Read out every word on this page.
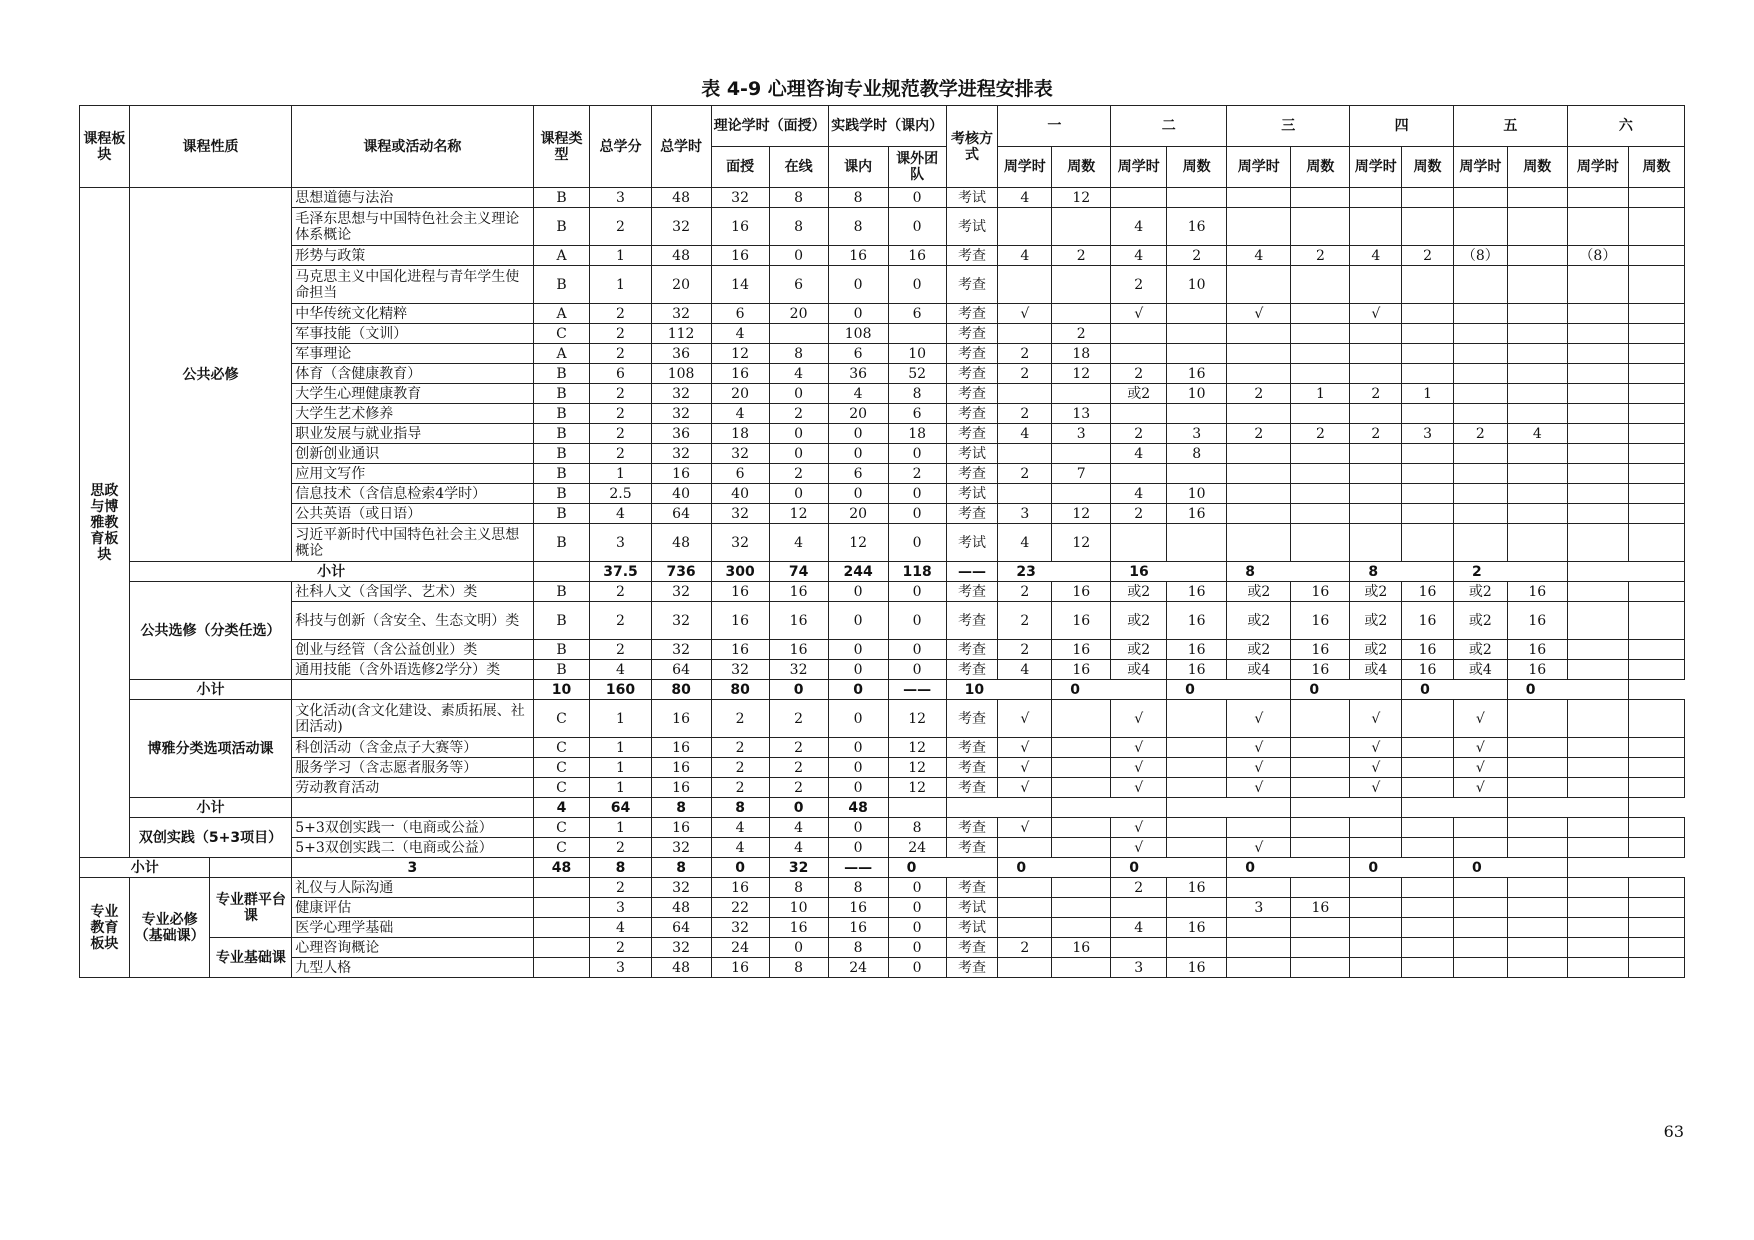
表 4-9 心理咨询专业规范教学进程安排表
课程板块	课程性质		课程或活动名称	课程类型	总学分	总学时	理论学时（面授）		实践学时（课内）		考核方式	一		二		三		四		五		六	
							面授	在线	课内	课外团队		周学时	周数	周学时	周数	周学时	周数	周学时	周数	周学时	周数	周学时	周数
思政与博雅教育板块	公共必修		思想道德与法治	B	3	48	32	8	8	0	考试	4	12										
			毛泽东思想与中国特色社会主义理论体系概论	B	2	32	16	8	8	0	考试			4	16								
			形势与政策	A	1	48	16	0	16	16	考查	4	2	4	2	4	2	4	2	（8）		（8）	
			马克思主义中国化进程与青年学生使命担当	B	1	20	14	6	0	0	考查			2	10								
			中华传统文化精粹	A	2	32	6	20	0	6	考查	√		√		√		√					
			军事技能（文训）	C	2	112	4		108		考查		2										
			军事理论	A	2	36	12	8	6	10	考查	2	18										
			体育（含健康教育）	B	6	108	16	4	36	52	考查	2	12	2	16								
			大学生心理健康教育	B	2	32	20	0	4	8	考查			或2	10	2	1	2	1				
			大学生艺术修养	B	2	32	4	2	20	6	考查	2	13										
			职业发展与就业指导	B	2	36	18	0	0	18	考查	4	3	2	3	2	2	2	3	2	4		
			创新创业通识	B	2	32	32	0	0	0	考试			4	8								
			应用文写作	B	1	16	6	2	6	2	考查	2	7										
			信息技术（含信息检索4学时）	B	2.5	40	40	0	0	0	考试			4	10								
			公共英语（或日语）	B	4	64	32	12	20	0	考查	3	12	2	16								
			习近平新时代中国特色社会主义思想概论	B	3	48	32	4	12	0	考试	4	12										
	小计				37.5	736	300	74	244	118	——	23		16		8		8		2			
	公共选修（分类任选）		社科人文（含国学、艺术）类	B	2	32	16	16	0	0	考查	2	16	或2	16	或2	16	或2	16	或2	16		
			科技与创新（含安全、生态文明）类	B	2	32	16	16	0	0	考查	2	16	或2	16	或2	16	或2	16	或2	16		
			创业与经管（含公益创业）类	B	2	32	16	16	0	0	考查	2	16	或2	16	或2	16	或2	16	或2	16		
			通用技能（含外语选修2学分）类	B	4	64	32	32	0	0	考查	4	16	或4	16	或4	16	或4	16	或4	16		
	小计			10	160	80	80	0	0	——	10		0		0		0		0		0		
	博雅分类选项活动课		文化活动(含文化建设、素质拓展、社团活动)	C	1	16	2	2	0	12	考查	√		√		√		√		√			
			科创活动（含金点子大赛等）	C	1	16	2	2	0	12	考查	√		√		√		√		√			
			服务学习（含志愿者服务等）	C	1	16	2	2	0	12	考查	√		√		√		√		√			
			劳动教育活动	C	1	16	2	2	0	12	考查	√		√		√		√		√			
	小计			4	64	8	8	0	48														
	双创实践（5+3项目）		5+3双创实践一（电商或公益）	C	1	16	4	4	0	8	考查	√		√									
			5+3双创实践二（电商或公益）	C	2	32	4	4	0	24	考查			√		√							
小计			3	48	8	8	0	32	——	0		0		0		0		0		0			
专业教育板块	专业必修（基础课）	专业群平台课	礼仪与人际沟通		2	32	16	8	8	0	考查			2	16								
			健康评估		3	48	22	10	16	0	考试					3	16						
			医学心理学基础		4	64	32	16	16	0	考试			4	16								
		专业基础课	心理咨询概论		2	32	24	0	8	0	考查	2	16										
			九型人格		3	48	16	8	24	0	考查			3	16								
63
